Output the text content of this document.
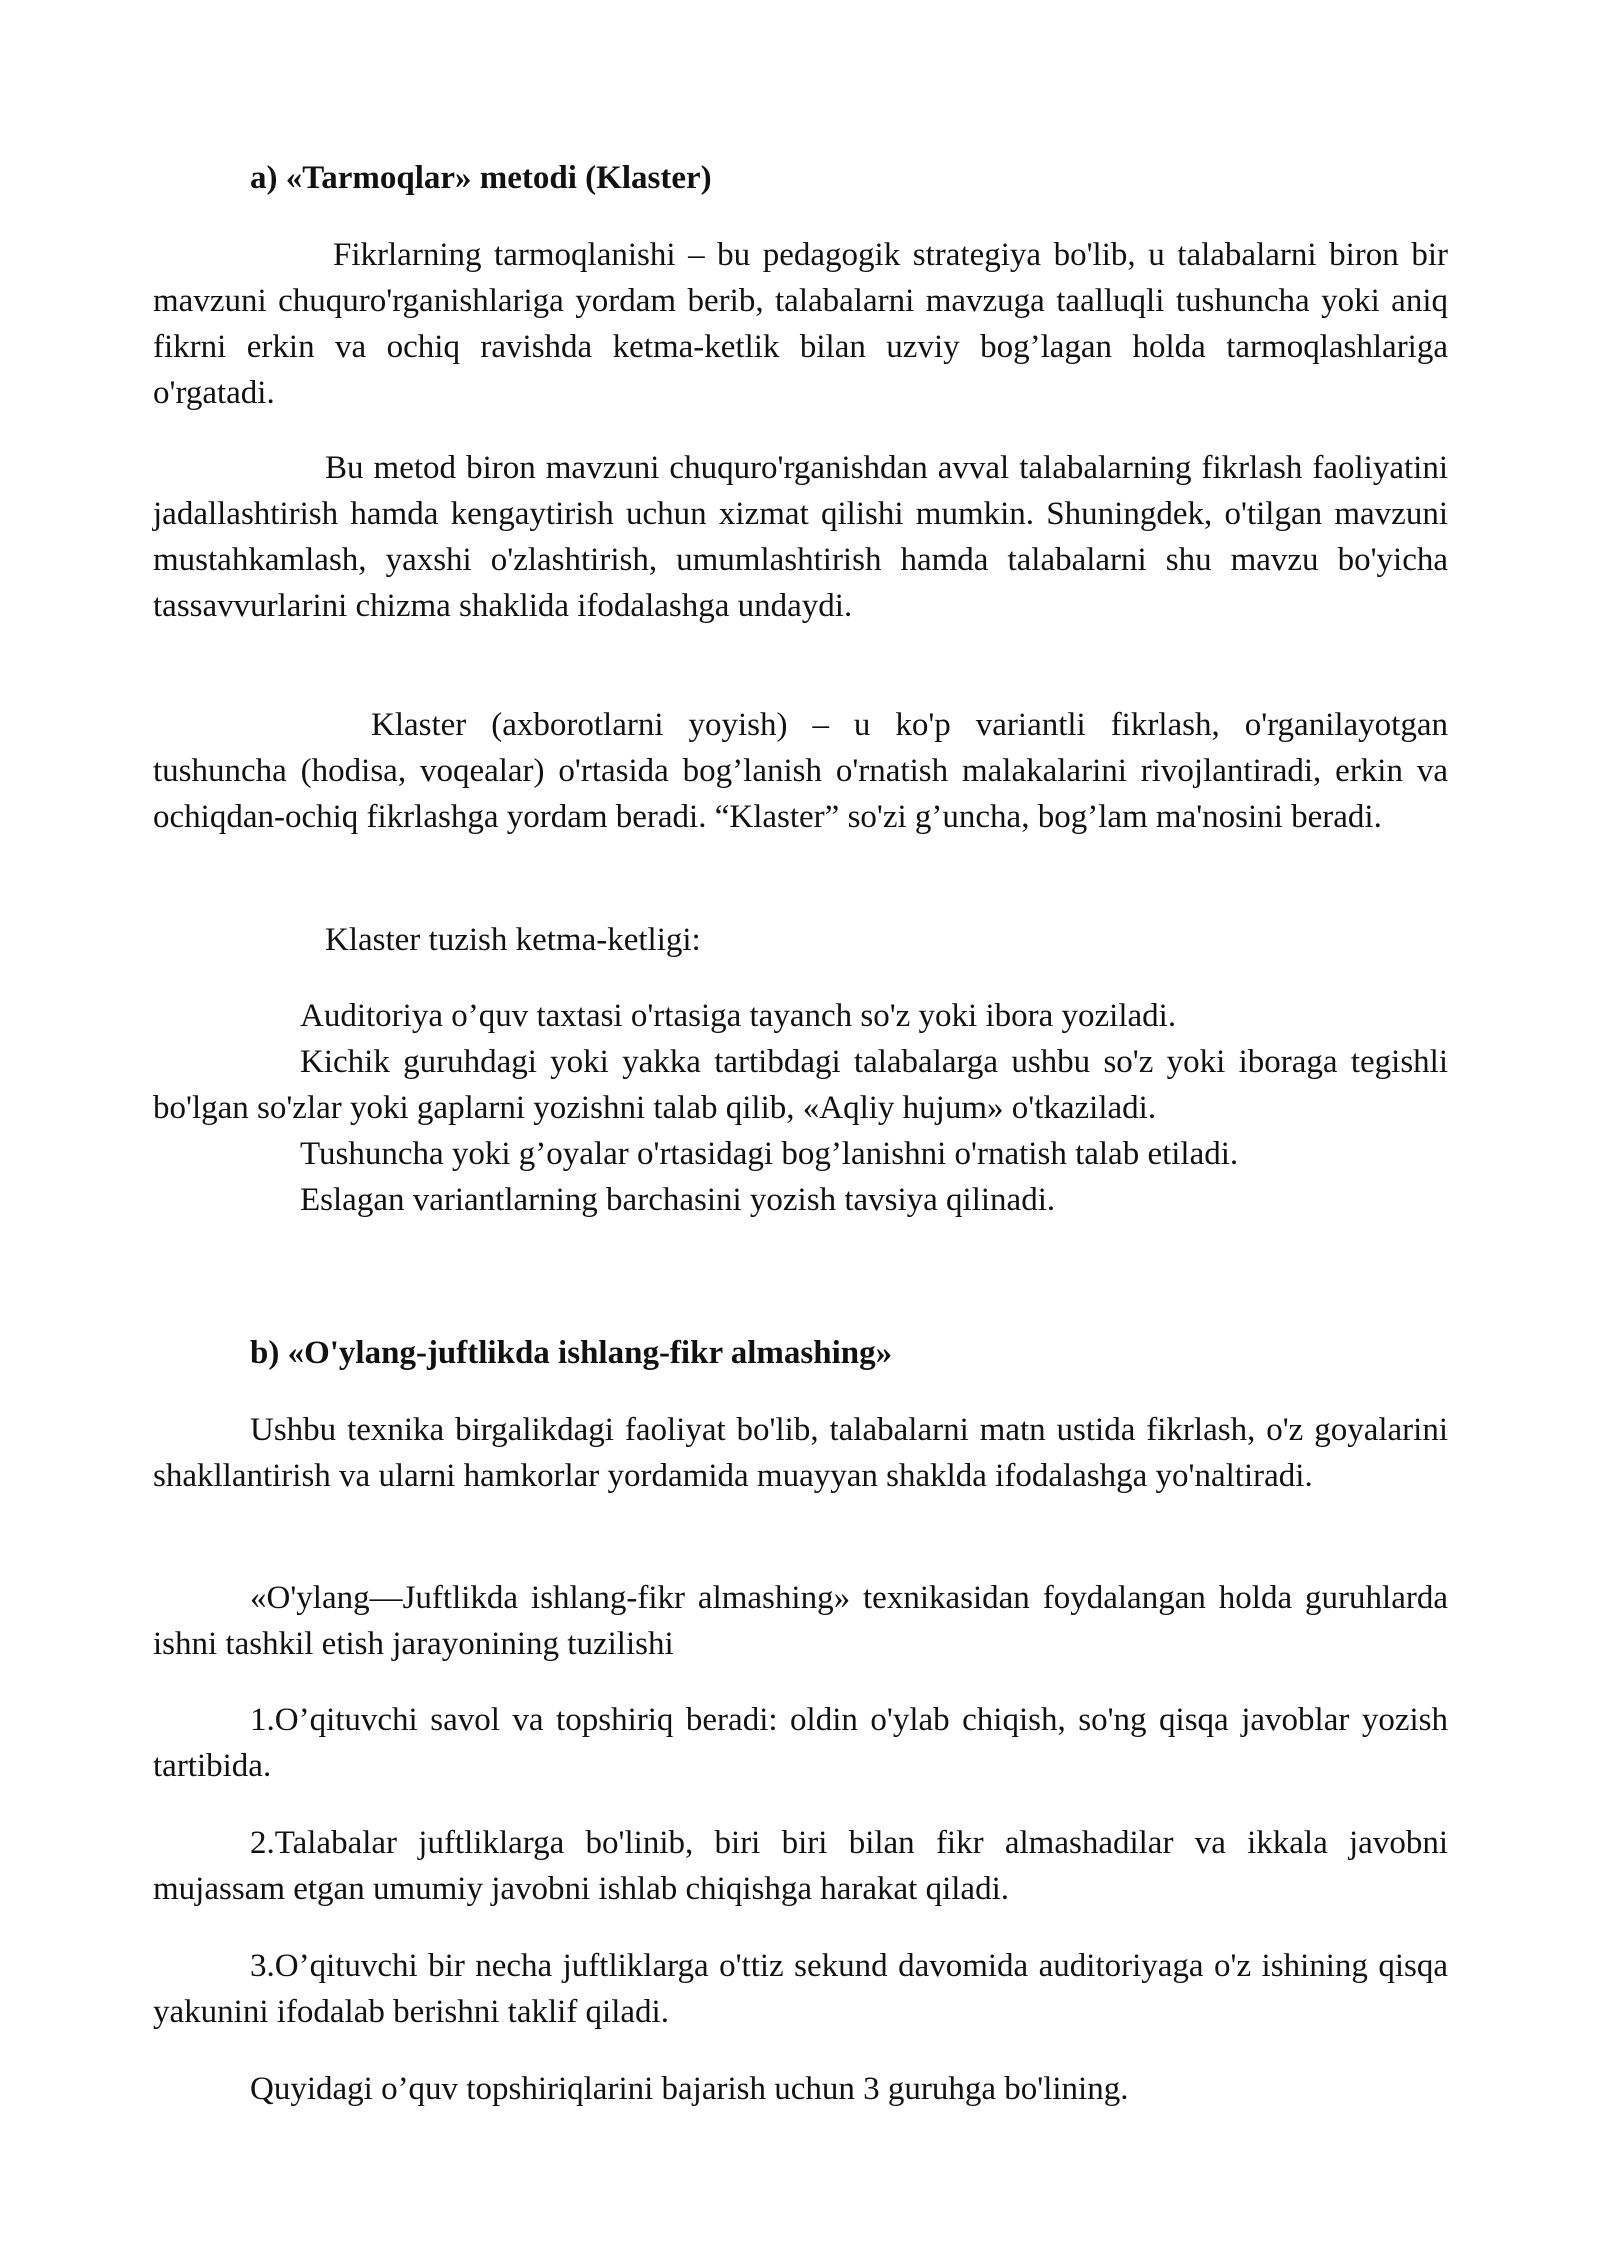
a) «Tarmoqlar» metodi (Klaster)

Fikrlarning tarmoqlanishi – bu pedagogik strategiya bo'lib, u talabalarni biron bir mavzuni chuquro'rganishlariga yordam berib, talabalarni mavzuga taalluqli tushuncha yoki aniq fikrni erkin va ochiq ravishda ketma-ketlik bilan uzviy bog’lagan holda tarmoqlashlariga o'rgatadi.

Bu metod biron mavzuni chuquro'rganishdan avval talabalarning fikrlash faoliyatini jadallashtirish hamda kengaytirish uchun xizmat qilishi mumkin. Shuningdek, o'tilgan mavzuni mustahkamlash, yaxshi o'zlashtirish, umumlashtirish hamda talabalarni shu mavzu bo'yicha tassavvurlarini chizma shaklida ifodalashga undaydi.

Klaster (axborotlarni yoyish) – u ko'p variantli fikrlash, o'rganilayotgan tushuncha (hodisa, voqealar) o'rtasida bog’lanish o'rnatish malakalarini rivojlantiradi, erkin va ochiqdan-ochiq fikrlashga yordam beradi. “Klaster” so'zi g’uncha, bog’lam ma'nosini beradi.

Klaster tuzish ketma-ketligi:

Auditoriya o’quv taxtasi o'rtasiga tayanch so'z yoki ibora yoziladi.

Kichik guruhdagi yoki yakka tartibdagi talabalarga ushbu so'z yoki iboraga tegishli bo'lgan so'zlar yoki gaplarni yozishni talab qilib, «Aqliy hujum» o'tkaziladi.

Tushuncha yoki g’oyalar o'rtasidagi bog’lanishni o'rnatish talab etiladi.

Eslagan variantlarning barchasini yozish tavsiya qilinadi.

b) «O'ylang-juftlikda ishlang-fikr almashing»

Ushbu texnika birgalikdagi faoliyat bo'lib, talabalarni matn ustida fikrlash, o'z goyalarini shakllantirish va ularni hamkorlar yordamida muayyan shaklda ifodalashga yo'naltiradi.

«O'ylang—Juftlikda ishlang-fikr almashing» texnikasidan foydalangan holda guruhlarda ishni tashkil etish jarayonining tuzilishi

1.O’qituvchi savol va topshiriq beradi: oldin o'ylab chiqish, so'ng qisqa javoblar yozish tartibida.

2.Talabalar juftliklarga bo'linib, biri biri bilan fikr almashadilar va ikkala javobni mujassam etgan umumiy javobni ishlab chiqishga harakat qiladi.

3.O’qituvchi bir necha juftliklarga o'ttiz sekund davomida auditoriyaga o'z ishining qisqa yakunini ifodalab berishni taklif qiladi.

Quyidagi o’quv topshiriqlarini bajarish uchun 3 guruhga bo'lining.
